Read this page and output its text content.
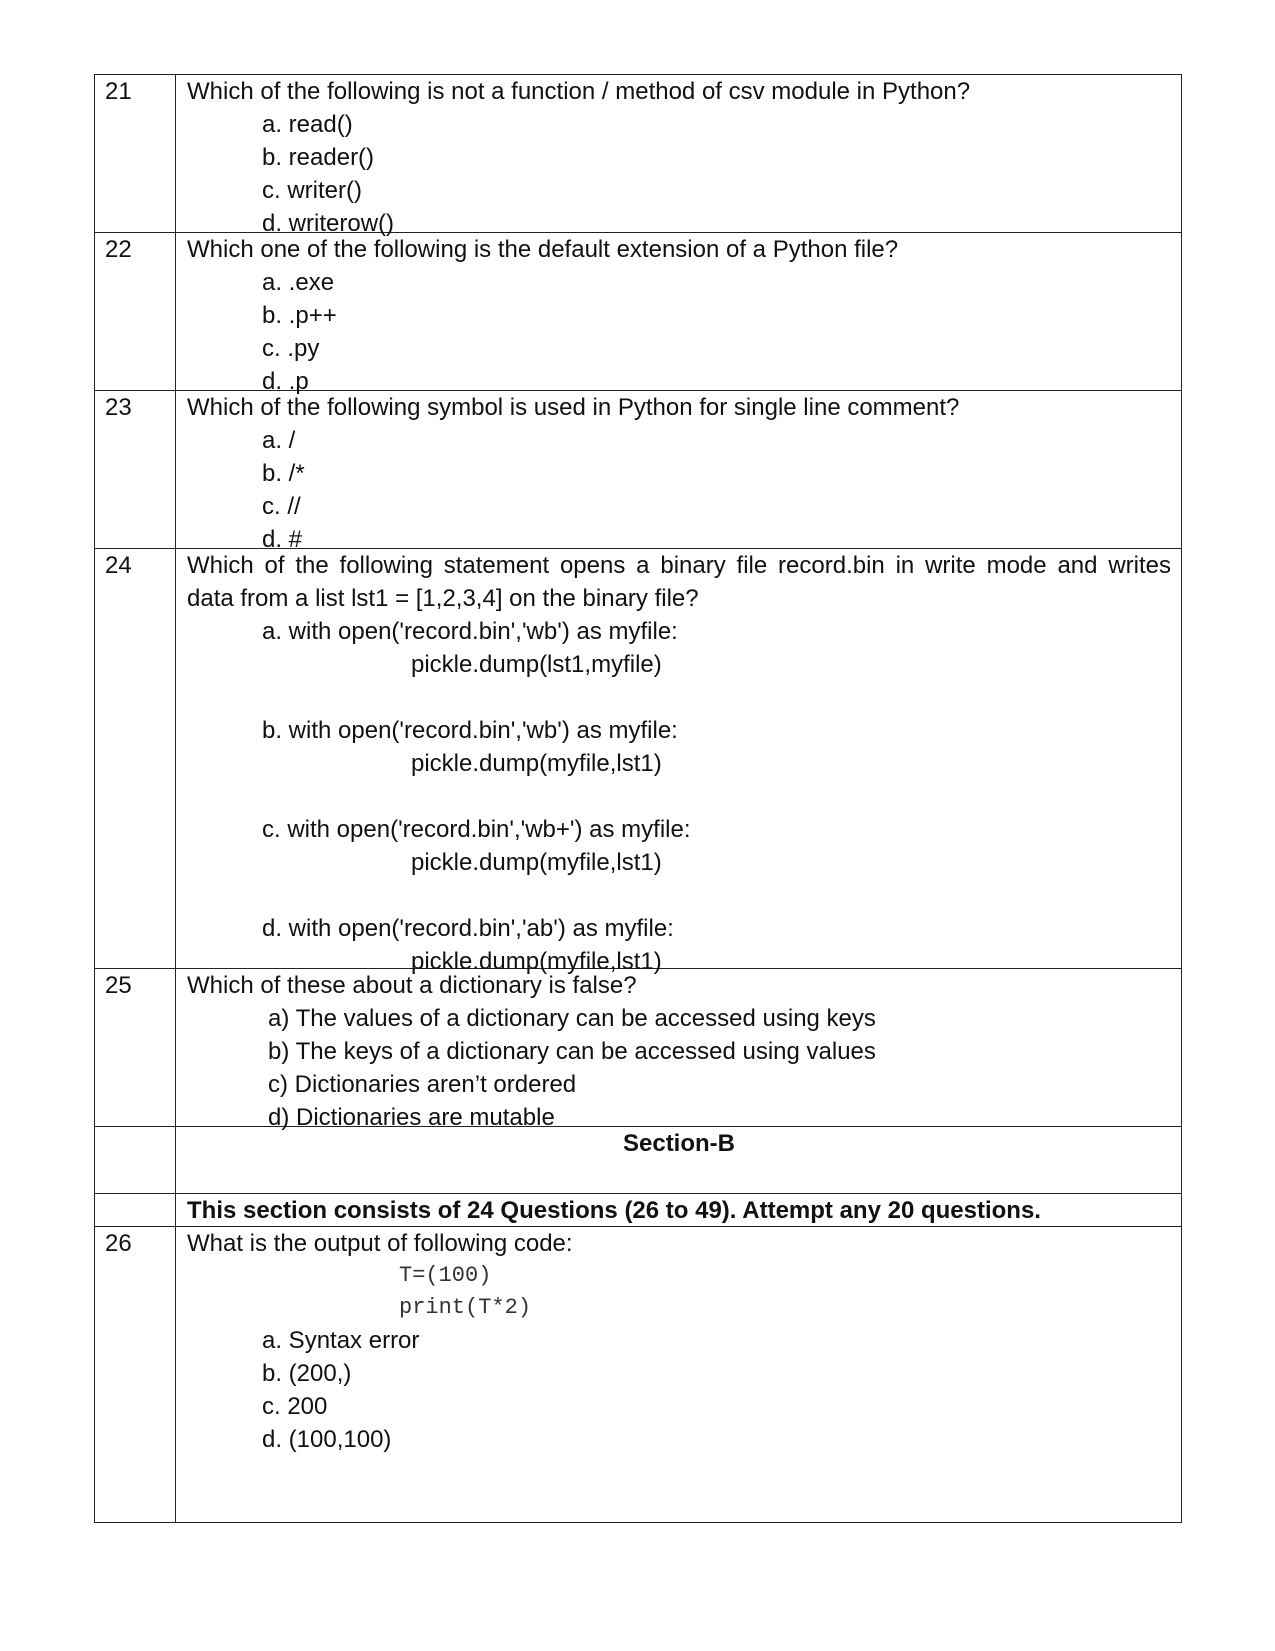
21	Which of the following is not a function / method of csv module in Python?
a. read()
b. reader()
c. writer()
d. writerow()
22	Which one of the following is the default extension of a Python file?
a. .exe
b. .p++
c. .py
d. .p
23	Which of the following symbol is used in Python for single line comment?
a. /
b. /*
c. //
d. #
24	Which of the following statement opens a binary file record.bin in write mode and writes
data from a list lst1 = [1,2,3,4] on the binary file?
a. with open('record.bin','wb') as myfile:
pickle.dump(lst1,myfile)
b. with open('record.bin','wb') as myfile:
pickle.dump(myfile,lst1)
c. with open('record.bin','wb+') as myfile:
pickle.dump(myfile,lst1)
d. with open('record.bin','ab') as myfile:
pickle.dump(myfile,lst1)
25	Which of these about a dictionary is false?
a) The values of a dictionary can be accessed using keys
b) The keys of a dictionary can be accessed using values
c) Dictionaries aren’t ordered
d) Dictionaries are mutable
Section-B
This section consists of 24 Questions (26 to 49). Attempt any 20 questions.
26	What is the output of following code:
T=(100)
print(T*2)
a. Syntax error
b. (200,)
c. 200
d. (100,100)
